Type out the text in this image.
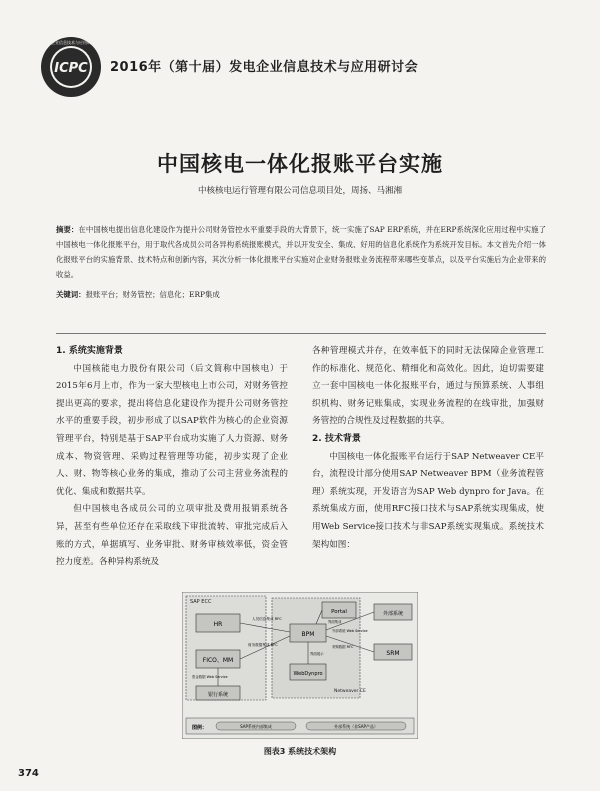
ICPC
发电企业信息技术与应用研讨会
2016年（第十届）发电企业信息技术与应用研讨会
中国核电一体化报账平台实施
中核核电运行管理有限公司信息项目处，周扬、马湘湘
摘要：在中国核电提出信息化建设作为提升公司财务管控水平重要手段的大背景下，统一实施了SAP ERP系统，并在ERP系统深化应用过程中实施了中国核电一体化报账平台，用于取代各成员公司各异构系统报账模式，并以开发安全、集成、好用的信息化系统作为系统开发目标。本文首先介绍一体化报账平台的实施背景、技术特点和创新内容，其次分析一体化报账平台实施对企业财务报账业务流程带来哪些变革点，以及平台实施后为企业带来的收益。
关键词：报账平台；财务管控；信息化；ERP集成
1. 系统实施背景

中国核能电力股份有限公司（后文简称中国核电）于2015年6月上市，作为一家大型核电上市公司，对财务管控提出更高的要求，提出将信息化建设作为提升公司财务管控水平的重要手段，初步形成了以SAP软件为核心的企业资源管理平台，特别是基于SAP平台成功实施了人力资源、财务成本、物资管理、采购过程管理等功能，初步实现了企业人、财、物等核心业务的集成，推动了公司主营业务流程的优化、集成和数据共享。

但中国核电各成员公司的立项审批及费用报销系统各异，甚至有些单位还存在采取线下审批流转、审批完成后入账的方式，单据填写、业务审批、财务审核效率低，资金管控力度差。各种异构系统及

各种管理模式并存，在效率低下的同时无法保障企业管理工作的标准化、规范化、精细化和高效化。因此，迫切需要建立一套中国核电一体化报账平台，通过与预算系统、人事组织机构、财务记账集成，实现业务流程的在线审批，加强财务管控的合规性及过程数据的共享。

2. 技术背景

中国核电一体化报账平台运行于SAP Netweaver CE平台，流程设计部分使用SAP Netweaver BPM（业务流程管理）系统实现，开发语言为SAP Web dynpro for Java。在系统集成方面，使用RFC接口技术与SAP系统实现集成，使用Web Service接口技术与非SAP系统实现集成。系统技术架构如图：

SAP ECC
Netweaver CE
HR
FICO、MM
BPM
Portal
WebDynpro
外部系统
SRM
银行系统
人员信息集成 RFC
财务数据集成 RFC
资金数据 Web Service
界面集成
外部系统 Web Service
采购数据 RFC
界面展示
图例：	SAP系统内部集成	外部系统（非SAP产品）
图表3 系统技术架构
374
